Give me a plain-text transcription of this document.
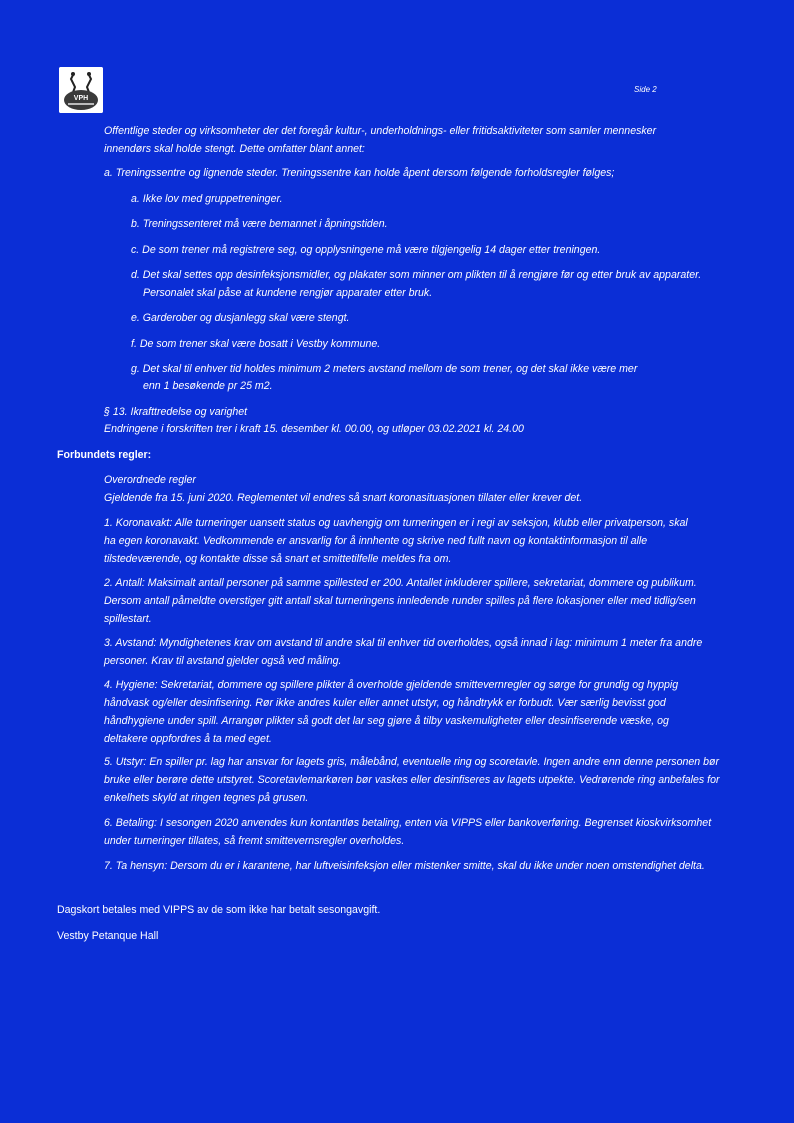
VPH
Side 2
Offentlige steder og virksomheter der det foregår kultur-, underholdnings- eller fritidsaktiviteter som samler mennesker
innendørs skal holde stengt. Dette omfatter blant annet:
a. Treningssentre og lignende steder. Treningssentre kan holde åpent dersom følgende forholdsregler følges;
a. Ikke lov med gruppetreninger.
b. Treningssenteret må være bemannet i åpningstiden.
c. De som trener må registrere seg, og opplysningene må være tilgjengelig 14 dager etter treningen.
d. Det skal settes opp desinfeksjonsmidler, og plakater som minner om plikten til å rengjøre før og etter bruk av apparater.
Personalet skal påse at kundene rengjør apparater etter bruk.
e. Garderober og dusjanlegg skal være stengt.
f. De som trener skal være bosatt i Vestby kommune.
g. Det skal til enhver tid holdes minimum 2 meters avstand mellom de som trener, og det skal ikke være mer
enn 1 besøkende pr 25 m2.
§ 13. Ikrafttredelse og varighet
Endringene i forskriften trer i kraft 15. desember kl. 00.00, og utløper 03.02.2021 kl. 24.00
Forbundets regler:
Overordnede regler
Gjeldende fra 15. juni 2020. Reglementet vil endres så snart koronasituasjonen tillater eller krever det.
1. Koronavakt: Alle turneringer uansett status og uavhengig om turneringen er i regi av seksjon, klubb eller privatperson, skal
ha egen koronavakt. Vedkommende er ansvarlig for å innhente og skrive ned fullt navn og kontaktinformasjon til alle
tilstedeværende, og kontakte disse så snart et smittetilfelle meldes fra om.
2. Antall: Maksimalt antall personer på samme spillested er 200. Antallet inkluderer spillere, sekretariat, dommere og publikum.
Dersom antall påmeldte overstiger gitt antall skal turneringens innledende runder spilles på flere lokasjoner eller med tidlig/sen
spillestart.
3. Avstand: Myndighetenes krav om avstand til andre skal til enhver tid overholdes, også innad i lag: minimum 1 meter fra andre
personer. Krav til avstand gjelder også ved måling.
4. Hygiene: Sekretariat, dommere og spillere plikter å overholde gjeldende smittevernregler og sørge for grundig og hyppig
håndvask og/eller desinfisering. Rør ikke andres kuler eller annet utstyr, og håndtrykk er forbudt. Vær særlig bevisst god
håndhygiene under spill. Arrangør plikter så godt det lar seg gjøre å tilby vaskemuligheter eller desinfiserende væske, og
deltakere oppfordres å ta med eget.
5. Utstyr: En spiller pr. lag har ansvar for lagets gris, målebånd, eventuelle ring og scoretavle. Ingen andre enn denne personen bør
bruke eller berøre dette utstyret. Scoretavlemarkøren bør vaskes eller desinfiseres av lagets utpekte. Vedrørende ring anbefales for
enkelhets skyld at ringen tegnes på grusen.
6. Betaling: I sesongen 2020 anvendes kun kontantløs betaling, enten via VIPPS eller bankoverføring. Begrenset kioskvirksomhet
under turneringer tillates, så fremt smittevernsregler overholdes.
7. Ta hensyn: Dersom du er i karantene, har luftveisinfeksjon eller mistenker smitte, skal du ikke under noen omstendighet delta.
Dagskort betales med VIPPS av de som ikke har betalt sesongavgift.
Vestby Petanque Hall
